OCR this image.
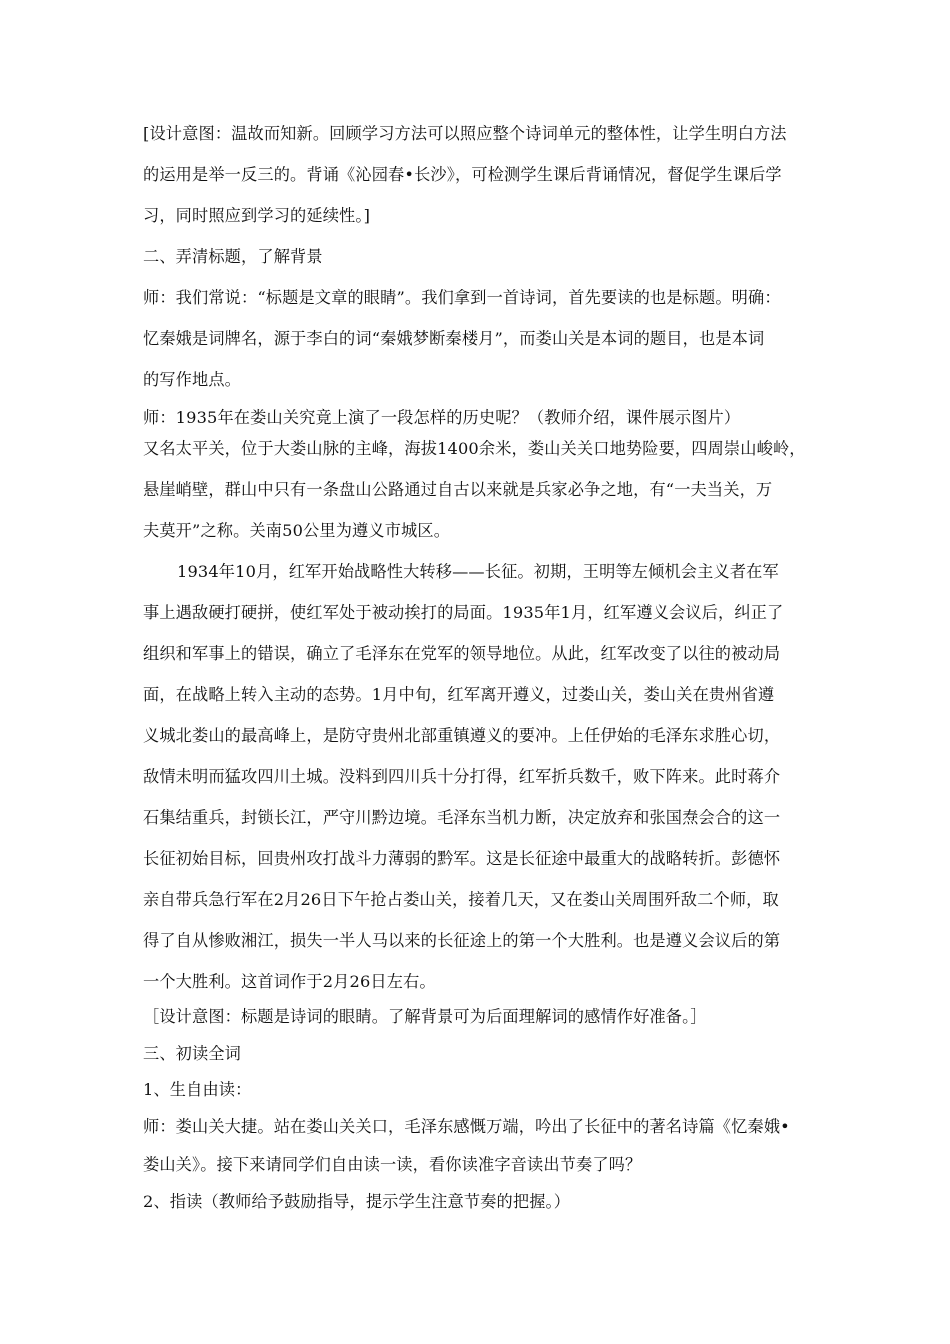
[设计意图：温故而知新。回顾学习方法可以照应整个诗词单元的整体性，让学生明白方法
的运用是举一反三的。背诵《沁园春•长沙》，可检测学生课后背诵情况，督促学生课后学
习，同时照应到学习的延续性。]
二、弄清标题，了解背景
师：我们常说：“标题是文章的眼睛”。我们拿到一首诗词，首先要读的也是标题。明确：
忆秦娥是词牌名，源于李白的词“秦娥梦断秦楼月”，而娄山关是本词的题目，也是本词
的写作地点。
师：1935年在娄山关究竟上演了一段怎样的历史呢？（教师介绍，课件展示图片）
又名太平关，位于大娄山脉的主峰，海拔1400余米，娄山关关口地势险要，四周崇山峻岭，
悬崖峭壁，群山中只有一条盘山公路通过自古以来就是兵家必争之地，有“一夫当关，万
夫莫开”之称。关南50公里为遵义市城区。
1934年10月，红军开始战略性大转移——长征。初期，王明等左倾机会主义者在军
事上遇敌硬打硬拼，使红军处于被动挨打的局面。1935年1月，红军遵义会议后，纠正了
组织和军事上的错误，确立了毛泽东在党军的领导地位。从此，红军改变了以往的被动局
面，在战略上转入主动的态势。1月中旬，红军离开遵义，过娄山关，娄山关在贵州省遵
义城北娄山的最高峰上，是防守贵州北部重镇遵义的要冲。上任伊始的毛泽东求胜心切，
敌情未明而猛攻四川土城。没料到四川兵十分打得，红军折兵数千，败下阵来。此时蒋介
石集结重兵，封锁长江，严守川黔边境。毛泽东当机力断，决定放弃和张国焘会合的这一
长征初始目标，回贵州攻打战斗力薄弱的黔军。这是长征途中最重大的战略转折。彭德怀
亲自带兵急行军在2月26日下午抢占娄山关，接着几天，又在娄山关周围歼敌二个师，取
得了自从惨败湘江，损失一半人马以来的长征途上的第一个大胜利。也是遵义会议后的第
一个大胜利。这首词作于2月26日左右。
［设计意图：标题是诗词的眼睛。了解背景可为后面理解词的感情作好准备。］
三、初读全词
1、生自由读：
师：娄山关大捷。站在娄山关关口，毛泽东感慨万端，吟出了长征中的著名诗篇《忆秦娥•
娄山关》。接下来请同学们自由读一读，看你读准字音读出节奏了吗？
2、指读（教师给予鼓励指导，提示学生注意节奏的把握。）
